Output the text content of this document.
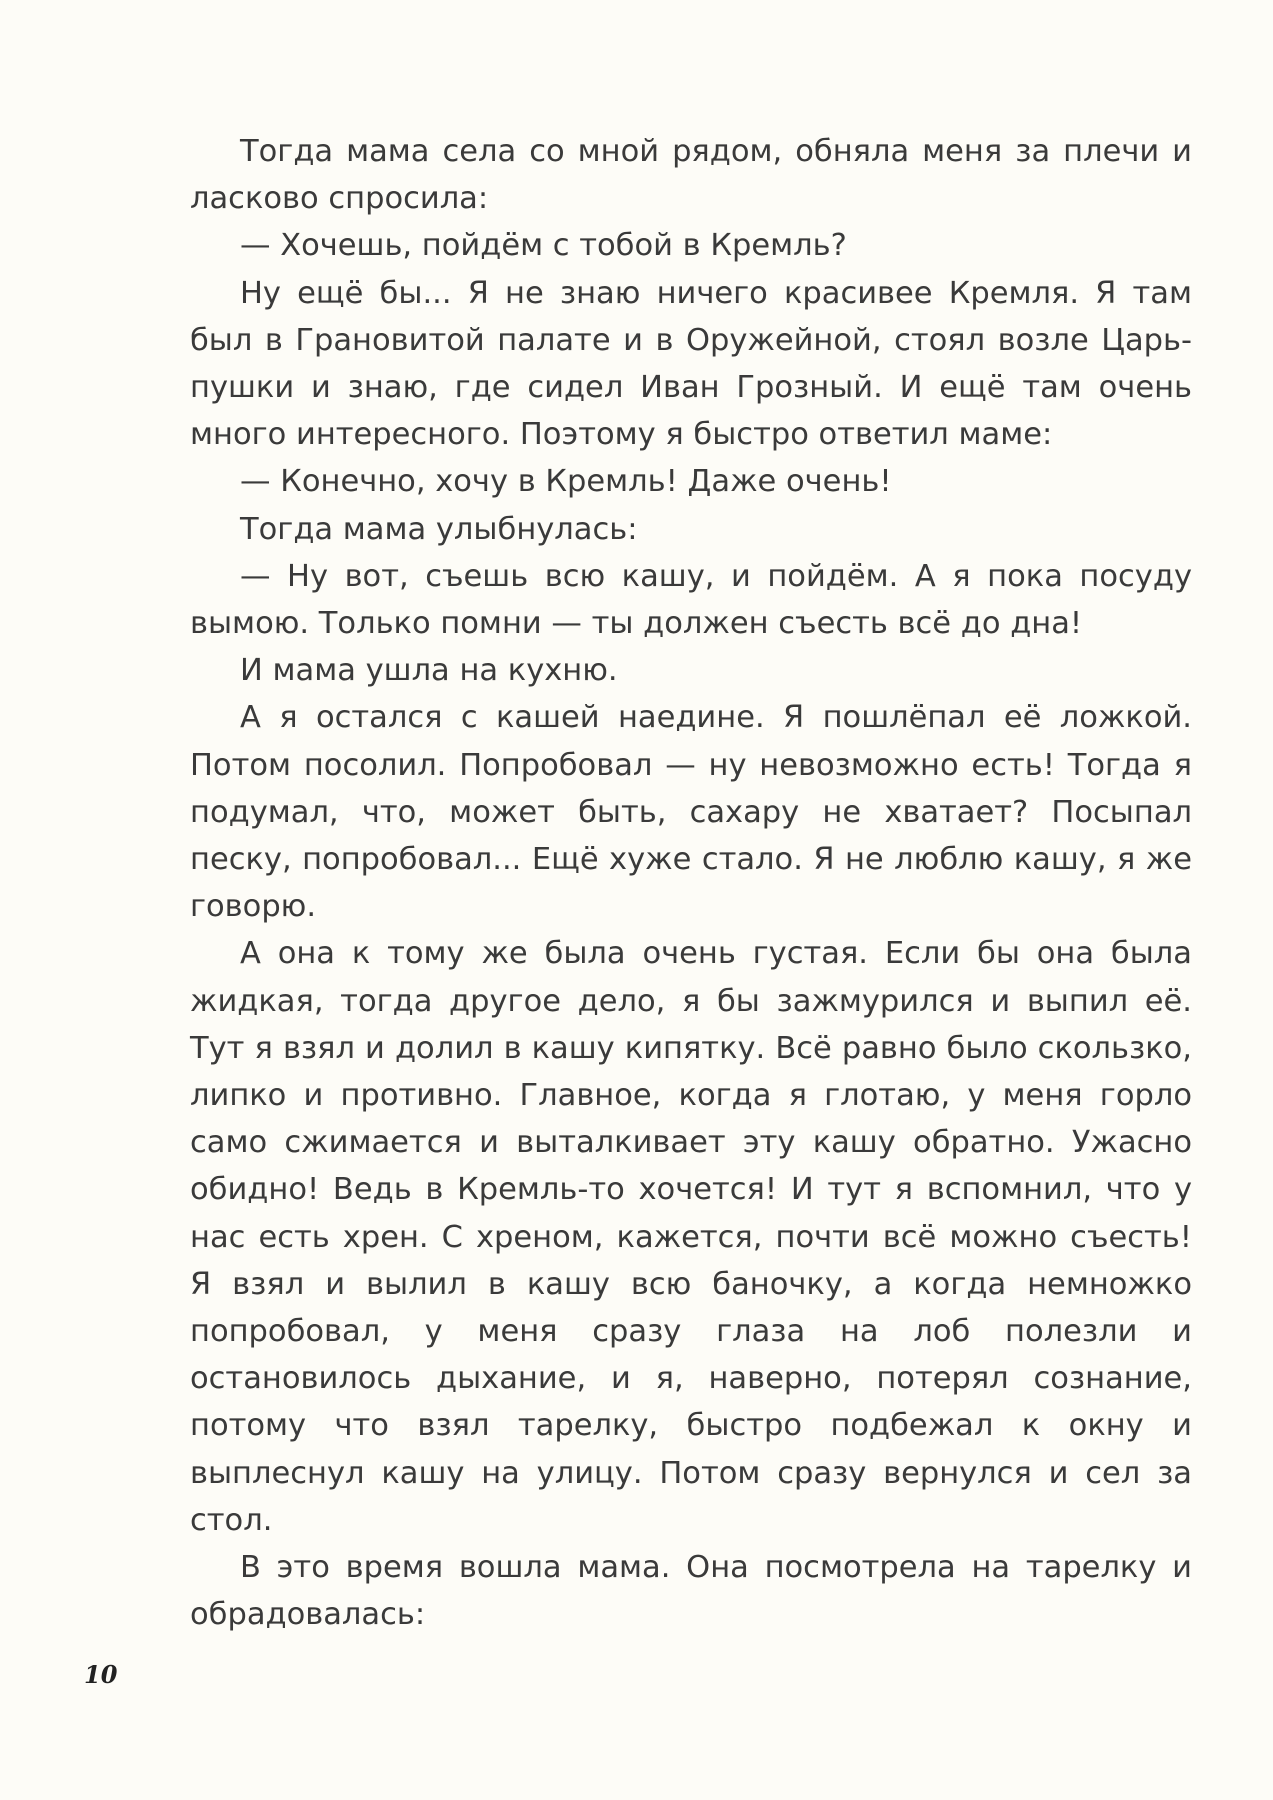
Тогда мама села со мной рядом, обняла меня за плечи и ласково спросила:

— Хочешь, пойдём с тобой в Кремль?

Ну ещё бы... Я не знаю ничего красивее Кремля. Я там был в Грановитой палате и в Оружейной, стоял возле Царь-пушки и знаю, где сидел Иван Грозный. И ещё там очень много интересного. Поэтому я быстро ответил маме:

— Конечно, хочу в Кремль! Даже очень!

Тогда мама улыбнулась:

— Ну вот, съешь всю кашу, и пойдём. А я пока посуду вымою. Только помни — ты должен съесть всё до дна!

И мама ушла на кухню.

А я остался с кашей наедине. Я пошлёпал её ложкой. Потом посолил. Попробовал — ну невозможно есть! Тогда я подумал, что, может быть, сахару не хватает? Посыпал песку, попробовал... Ещё хуже стало. Я не люблю кашу, я же говорю.

А она к тому же была очень густая. Если бы она была жидкая, тогда другое дело, я бы зажмурился и выпил её. Тут я взял и долил в кашу кипятку. Всё равно было скользко, липко и противно. Главное, когда я глотаю, у меня горло само сжимается и выталкивает эту кашу обратно. Ужасно обидно! Ведь в Кремль-то хочется! И тут я вспомнил, что у нас есть хрен. С хреном, кажется, почти всё можно съесть! Я взял и вылил в кашу всю баночку, а когда немножко попробовал, у меня сразу глаза на лоб полезли и остановилось дыхание, и я, наверно, потерял сознание, потому что взял тарелку, быстро подбежал к окну и выплеснул кашу на улицу. Потом сразу вернулся и сел за стол.

В это время вошла мама. Она посмотрела на тарелку и обрадовалась:

10
